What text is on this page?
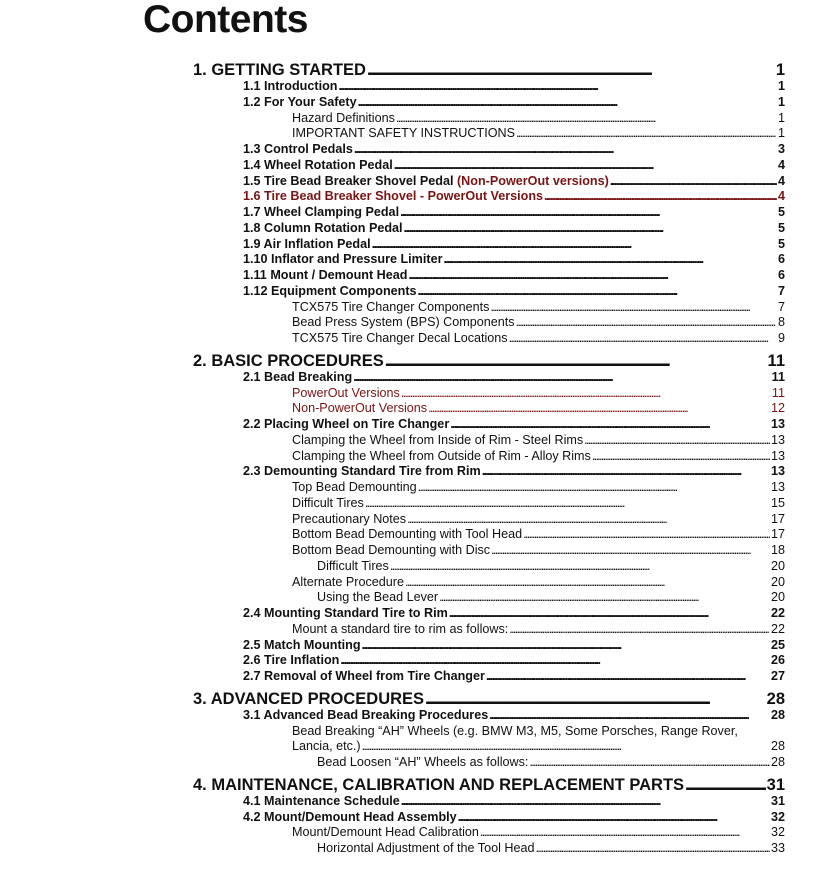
Contents
1. GETTING STARTED . . .	1
1.1 Introduction . . .	1
1.2 For Your Safety . . .	1
Hazard Definitions . . .	1
IMPORTANT SAFETY INSTRUCTIONS . . .	1
1.3 Control Pedals . . .	3
1.4 Wheel Rotation Pedal . . .	4
1.5 Tire Bead Breaker Shovel Pedal (Non-PowerOut versions) . . .	4
1.6 Tire Bead Breaker Shovel - PowerOut Versions . . .	4
1.7 Wheel Clamping Pedal . . .	5
1.8 Column Rotation Pedal . . .	5
1.9 Air Inflation Pedal . . .	5
1.10 Inflator and Pressure Limiter . . .	6
1.11 Mount / Demount Head . . .	6
1.12 Equipment Components . . .	7
TCX575 Tire Changer Components . . .	7
Bead Press System (BPS) Components . . .	8
TCX575 Tire Changer Decal Locations . . .	9
2. BASIC PROCEDURES . . .	11
2.1 Bead Breaking . . .	11
PowerOut Versions . . .	11
Non-PowerOut Versions . . .	12
2.2 Placing Wheel on Tire Changer . . .	13
Clamping the Wheel from Inside of Rim - Steel Rims . . .	13
Clamping the Wheel from Outside of Rim - Alloy Rims . . .	13
2.3 Demounting Standard Tire from Rim . . .	13
Top Bead Demounting . . .	13
Difficult Tires . . .	15
Precautionary Notes . . .	17
Bottom Bead Demounting with Tool Head . . .	17
Bottom Bead Demounting with Disc . . .	18
Difficult Tires . . .	20
Alternate Procedure . . .	20
Using the Bead Lever . . .	20
2.4 Mounting Standard Tire to Rim . . .	22
Mount a standard tire to rim as follows: . . .	22
2.5 Match Mounting . . .	25
2.6 Tire Inflation . . .	26
2.7 Removal of Wheel from Tire Changer . . .	27
3. ADVANCED PROCEDURES . . .	28
3.1 Advanced Bead Breaking Procedures . . .	28
Bead Breaking “AH” Wheels (e.g. BMW M3, M5, Some Porsches, Range Rover,
Lancia, etc.) . . .	28
Bead Loosen “AH” Wheels as follows: . . .	28
4. MAINTENANCE, CALIBRATION AND REPLACEMENT PARTS . . .	31
4.1 Maintenance Schedule . . .	31
4.2 Mount/Demount Head Assembly . . .	32
Mount/Demount Head Calibration . . .	32
Horizontal Adjustment of the Tool Head . . .	33
